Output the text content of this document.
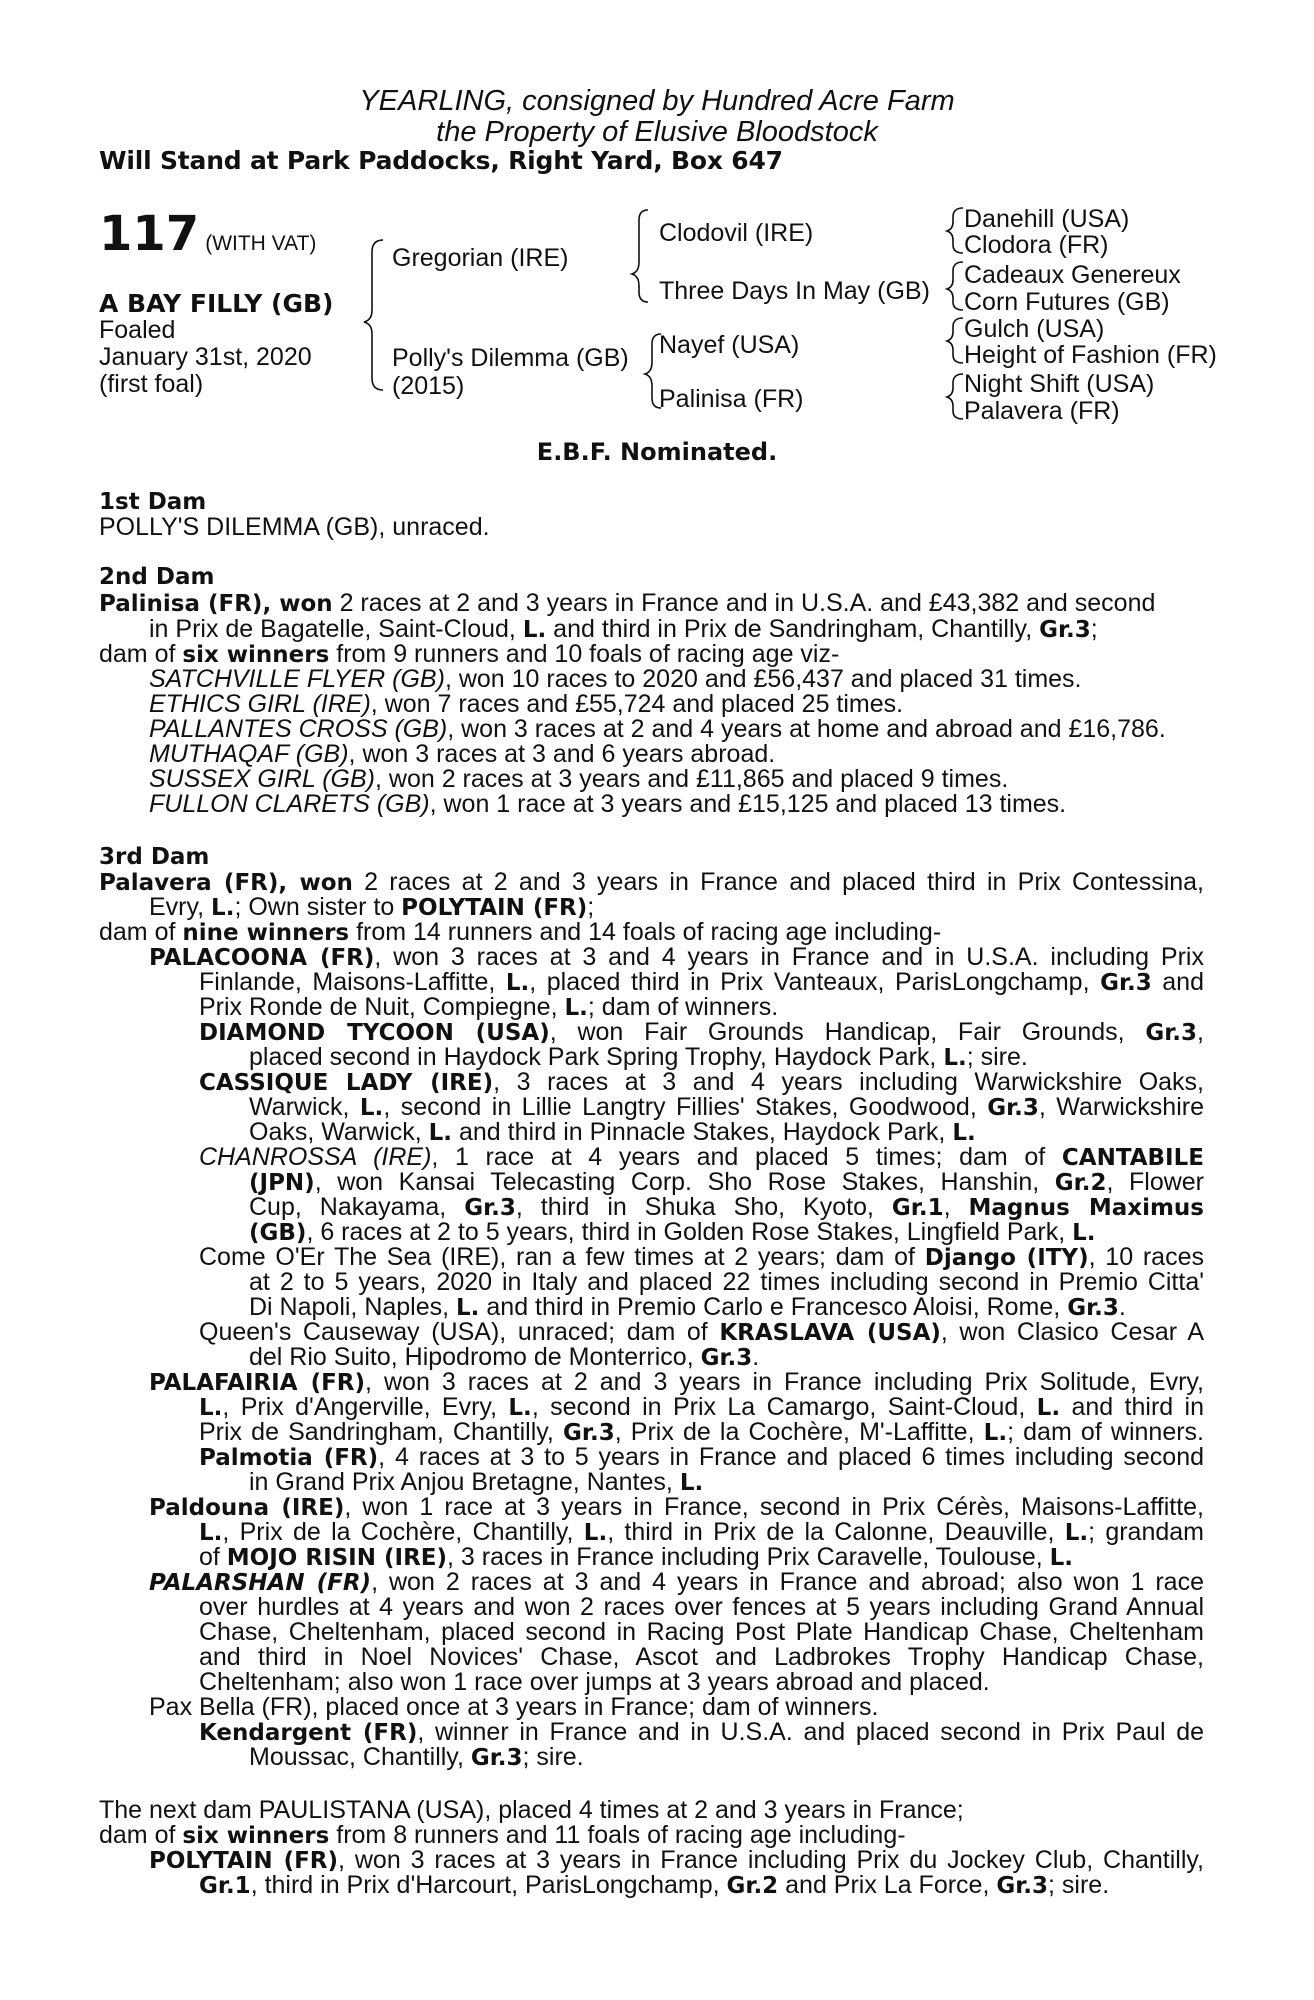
YEARLING, consigned by Hundred Acre Farm
the Property of Elusive Bloodstock
Will Stand at Park Paddocks, Right Yard, Box 647
117 (WITH VAT)
A BAY FILLY (GB)
Foaled
January 31st, 2020
(first foal)
Gregorian (IRE)
Polly's Dilemma (GB)
(2015)
Clodovil (IRE)
Three Days In May (GB)
Nayef (USA)
Palinisa (FR)
Danehill (USA)
Clodora (FR)
Cadeaux Genereux
Corn Futures (GB)
Gulch (USA)
Height of Fashion (FR)
Night Shift (USA)
Palavera (FR)
E.B.F. Nominated.
1st Dam
POLLY'S DILEMMA (GB), unraced.
2nd Dam
Palinisa (FR), won 2 races at 2 and 3 years in France and in U.S.A. and £43,382 and second
in Prix de Bagatelle, Saint-Cloud, L. and third in Prix de Sandringham, Chantilly, Gr.3;
dam of six winners from 9 runners and 10 foals of racing age viz-
SATCHVILLE FLYER (GB), won 10 races to 2020 and £56,437 and placed 31 times.
ETHICS GIRL (IRE), won 7 races and £55,724 and placed 25 times.
PALLANTES CROSS (GB), won 3 races at 2 and 4 years at home and abroad and £16,786.
MUTHAQAF (GB), won 3 races at 3 and 6 years abroad.
SUSSEX GIRL (GB), won 2 races at 3 years and £11,865 and placed 9 times.
FULLON CLARETS (GB), won 1 race at 3 years and £15,125 and placed 13 times.
3rd Dam
Palavera (FR), won 2 races at 2 and 3 years in France and placed third in Prix Contessina,
Evry, L.; Own sister to POLYTAIN (FR);
dam of nine winners from 14 runners and 14 foals of racing age including-
PALACOONA (FR), won 3 races at 3 and 4 years in France and in U.S.A. including Prix
Finlande, Maisons-Laffitte, L., placed third in Prix Vanteaux, ParisLongchamp, Gr.3 and
Prix Ronde de Nuit, Compiegne, L.; dam of winners.
DIAMOND TYCOON (USA), won Fair Grounds Handicap, Fair Grounds, Gr.3,
placed second in Haydock Park Spring Trophy, Haydock Park, L.; sire.
CASSIQUE LADY (IRE), 3 races at 3 and 4 years including Warwickshire Oaks,
Warwick, L., second in Lillie Langtry Fillies' Stakes, Goodwood, Gr.3, Warwickshire
Oaks, Warwick, L. and third in Pinnacle Stakes, Haydock Park, L.
CHANROSSA (IRE), 1 race at 4 years and placed 5 times; dam of CANTABILE
(JPN), won Kansai Telecasting Corp. Sho Rose Stakes, Hanshin, Gr.2, Flower
Cup, Nakayama, Gr.3, third in Shuka Sho, Kyoto, Gr.1, Magnus Maximus
(GB), 6 races at 2 to 5 years, third in Golden Rose Stakes, Lingfield Park, L.
Come O'Er The Sea (IRE), ran a few times at 2 years; dam of Django (ITY), 10 races
at 2 to 5 years, 2020 in Italy and placed 22 times including second in Premio Citta'
Di Napoli, Naples, L. and third in Premio Carlo e Francesco Aloisi, Rome, Gr.3.
Queen's Causeway (USA), unraced; dam of KRASLAVA (USA), won Clasico Cesar A
del Rio Suito, Hipodromo de Monterrico, Gr.3.
PALAFAIRIA (FR), won 3 races at 2 and 3 years in France including Prix Solitude, Evry,
L., Prix d'Angerville, Evry, L., second in Prix La Camargo, Saint-Cloud, L. and third in
Prix de Sandringham, Chantilly, Gr.3, Prix de la Cochère, M'-Laffitte, L.; dam of winners.
Palmotia (FR), 4 races at 3 to 5 years in France and placed 6 times including second
in Grand Prix Anjou Bretagne, Nantes, L.
Paldouna (IRE), won 1 race at 3 years in France, second in Prix Cérès, Maisons-Laffitte,
L., Prix de la Cochère, Chantilly, L., third in Prix de la Calonne, Deauville, L.; grandam
of MOJO RISIN (IRE), 3 races in France including Prix Caravelle, Toulouse, L.
PALARSHAN (FR), won 2 races at 3 and 4 years in France and abroad; also won 1 race
over hurdles at 4 years and won 2 races over fences at 5 years including Grand Annual
Chase, Cheltenham, placed second in Racing Post Plate Handicap Chase, Cheltenham
and third in Noel Novices' Chase, Ascot and Ladbrokes Trophy Handicap Chase,
Cheltenham; also won 1 race over jumps at 3 years abroad and placed.
Pax Bella (FR), placed once at 3 years in France; dam of winners.
Kendargent (FR), winner in France and in U.S.A. and placed second in Prix Paul de
Moussac, Chantilly, Gr.3; sire.
The next dam PAULISTANA (USA), placed 4 times at 2 and 3 years in France;
dam of six winners from 8 runners and 11 foals of racing age including-
POLYTAIN (FR), won 3 races at 3 years in France including Prix du Jockey Club, Chantilly,
Gr.1, third in Prix d'Harcourt, ParisLongchamp, Gr.2 and Prix La Force, Gr.3; sire.
